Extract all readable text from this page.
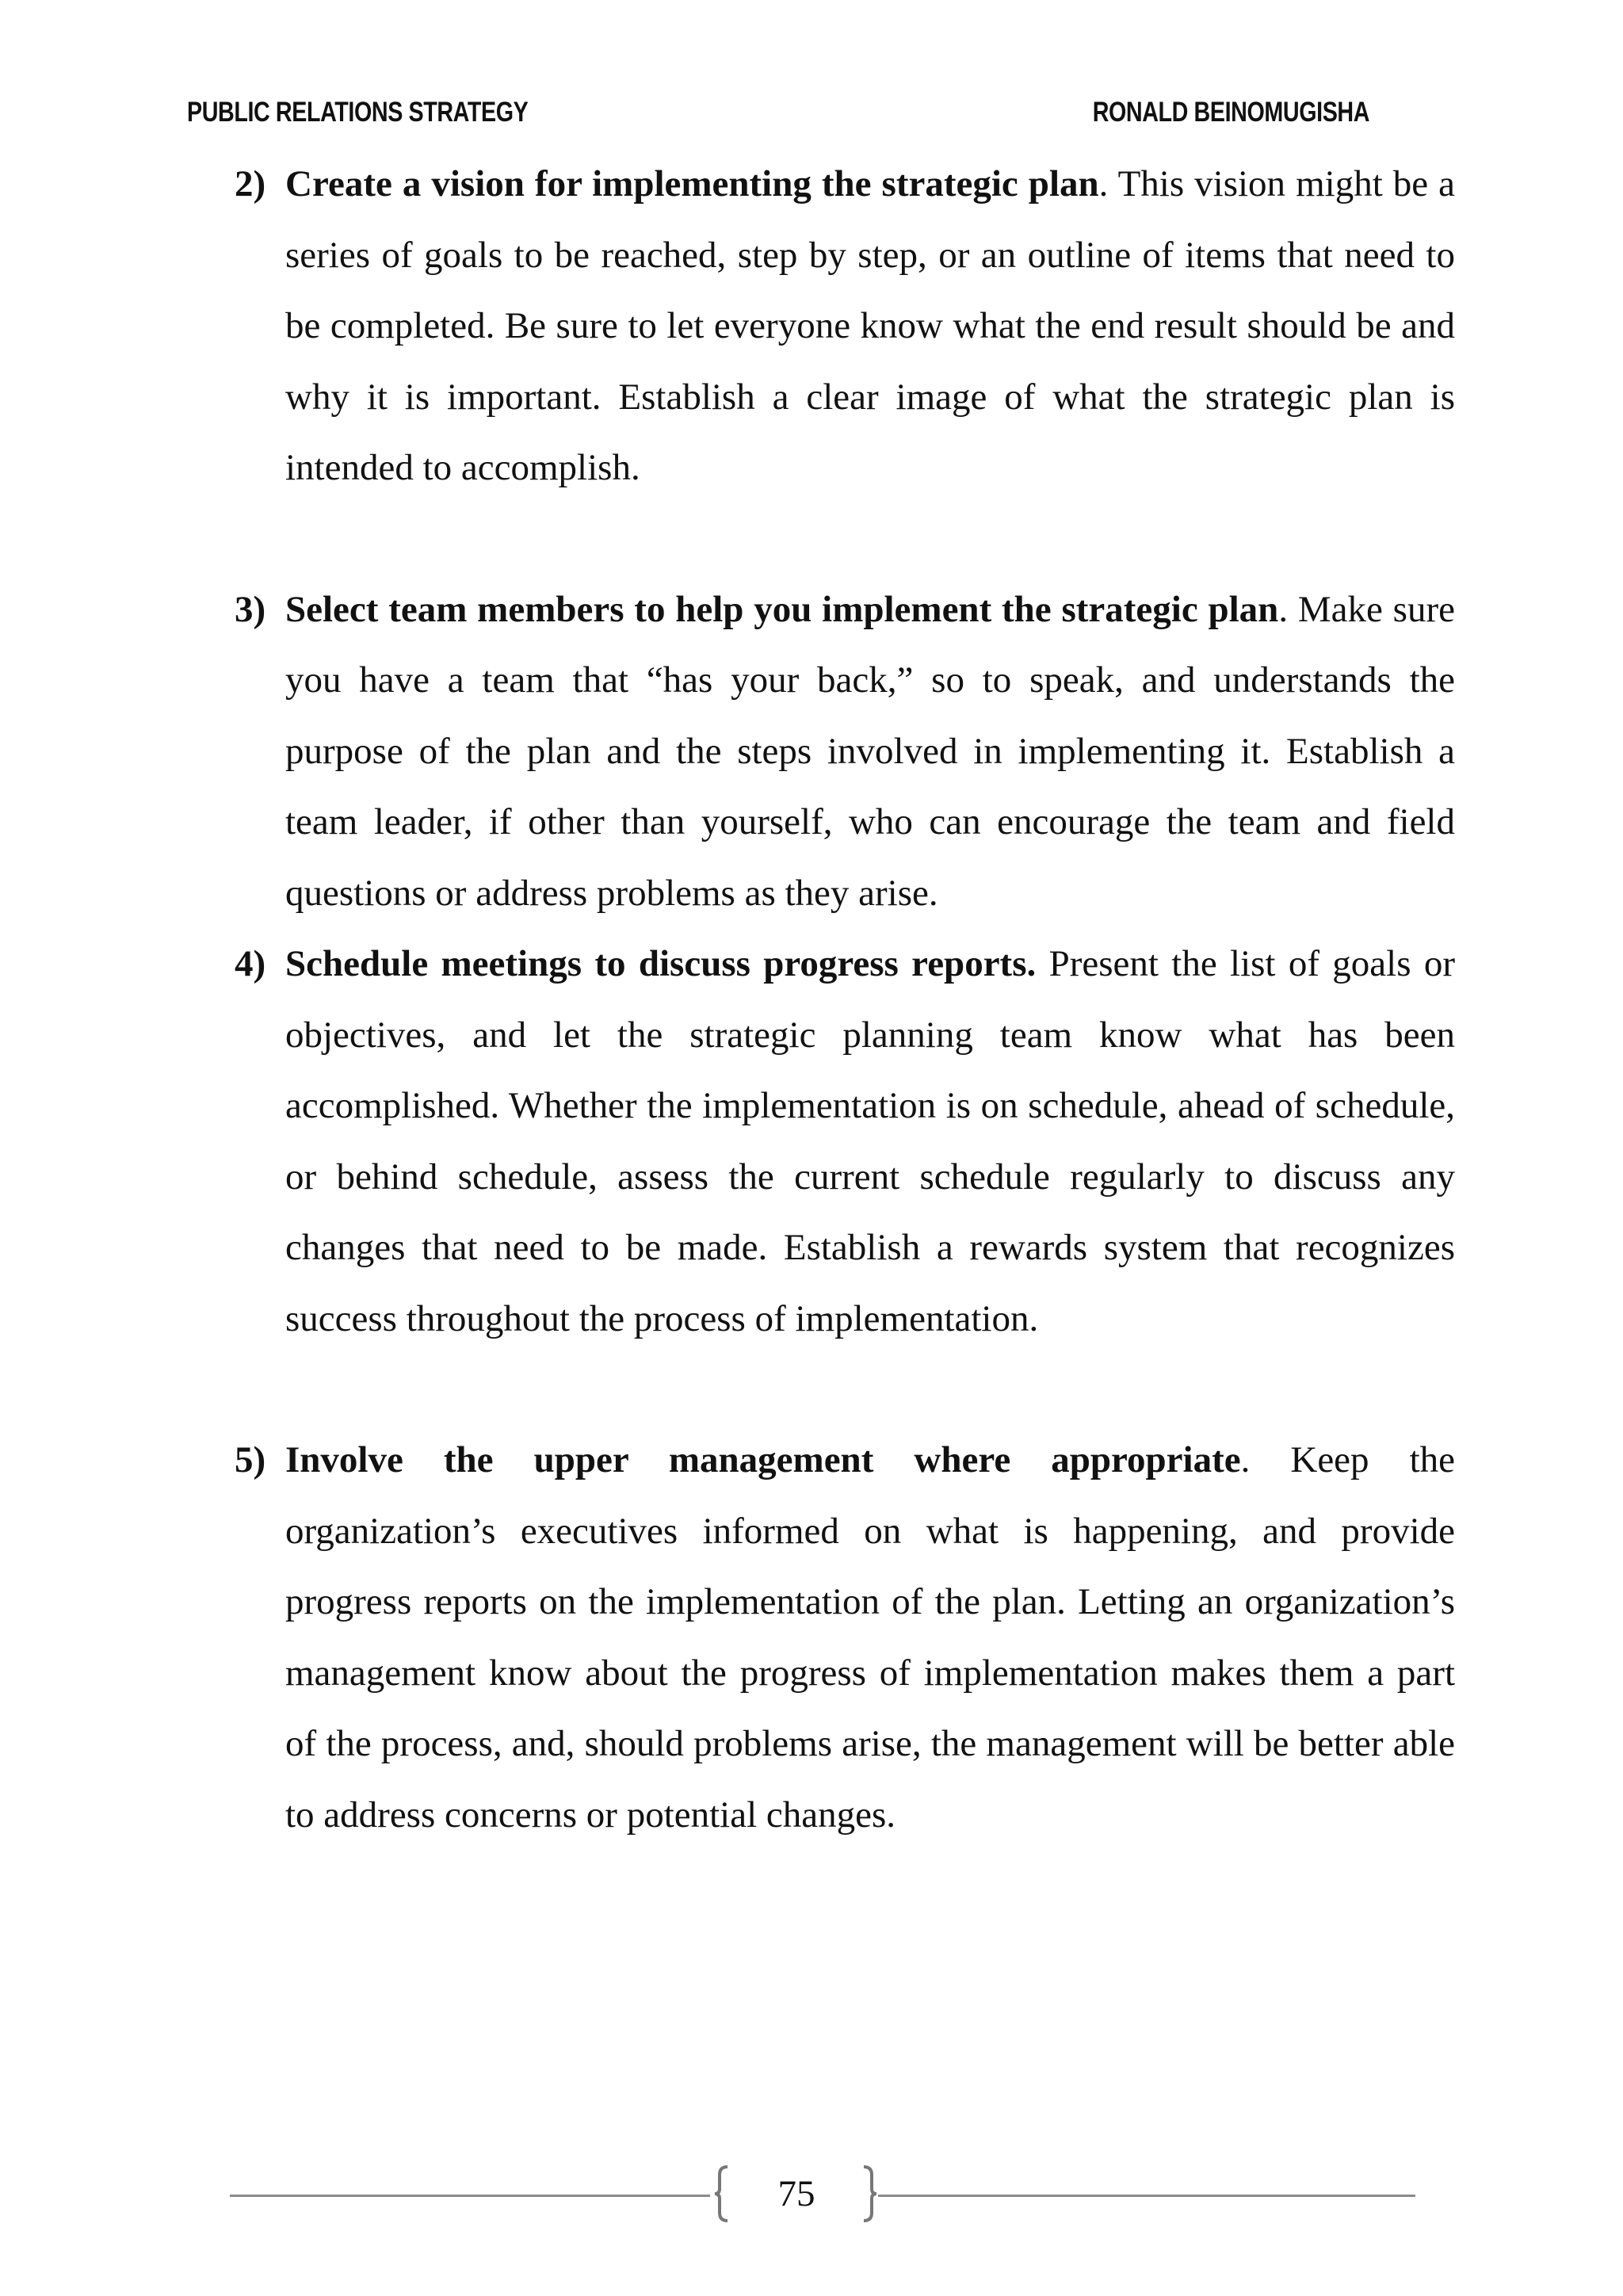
PUBLIC RELATIONS STRATEGY	RONALD BEINOMUGISHA
2) Create a vision for implementing the strategic plan. This vision might be a series of goals to be reached, step by step, or an outline of items that need to be completed. Be sure to let everyone know what the end result should be and why it is important. Establish a clear image of what the strategic plan is intended to accomplish.
3) Select team members to help you implement the strategic plan. Make sure you have a team that “has your back,” so to speak, and understands the purpose of the plan and the steps involved in implementing it. Establish a team leader, if other than yourself, who can encourage the team and field questions or address problems as they arise.
4) Schedule meetings to discuss progress reports. Present the list of goals or objectives, and let the strategic planning team know what has been accomplished. Whether the implementation is on schedule, ahead of schedule, or behind schedule, assess the current schedule regularly to discuss any changes that need to be made. Establish a rewards system that recognizes success throughout the process of implementation.
5) Involve the upper management where appropriate. Keep the organization’s executives informed on what is happening, and provide progress reports on the implementation of the plan. Letting an organization’s management know about the progress of implementation makes them a part of the process, and, should problems arise, the management will be better able to address concerns or potential changes.
75
